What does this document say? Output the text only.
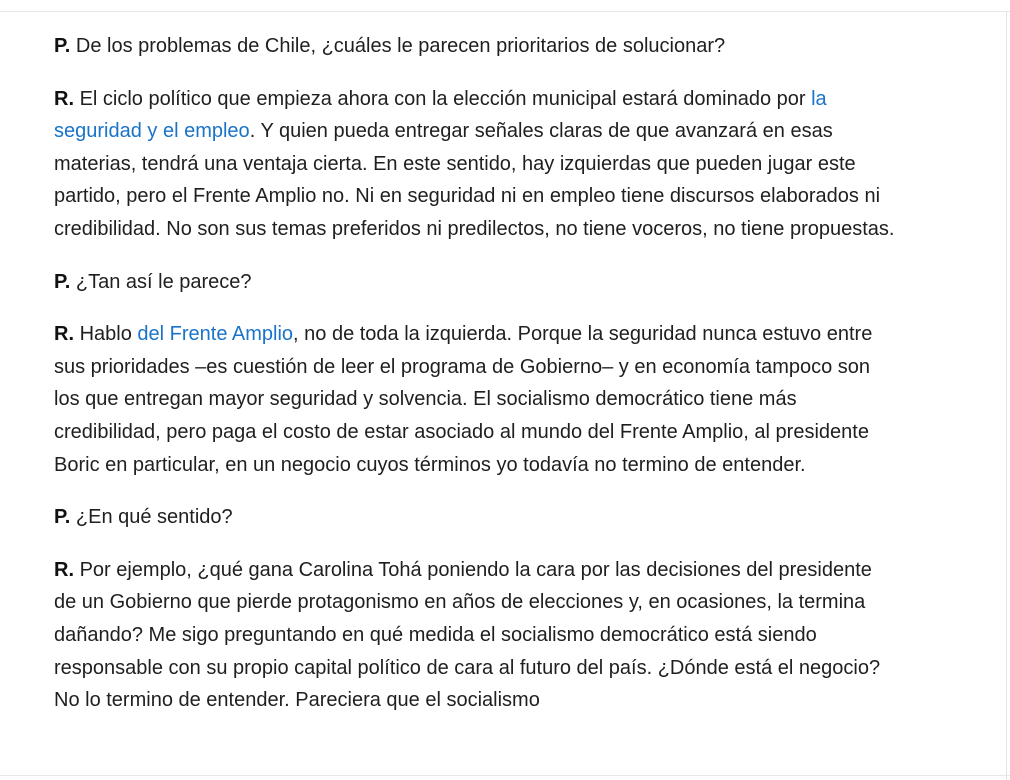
P. De los problemas de Chile, ¿cuáles le parecen prioritarios de solucionar?

R. El ciclo político que empieza ahora con la elección municipal estará dominado por la seguridad y el empleo. Y quien pueda entregar señales claras de que avanzará en esas materias, tendrá una ventaja cierta. En este sentido, hay izquierdas que pueden jugar este partido, pero el Frente Amplio no. Ni en seguridad ni en empleo tiene discursos elaborados ni credibilidad. No son sus temas preferidos ni predilectos, no tiene voceros, no tiene propuestas.

P. ¿Tan así le parece?

R. Hablo del Frente Amplio, no de toda la izquierda. Porque la seguridad nunca estuvo entre sus prioridades –es cuestión de leer el programa de Gobierno– y en economía tampoco son los que entregan mayor seguridad y solvencia. El socialismo democrático tiene más credibilidad, pero paga el costo de estar asociado al mundo del Frente Amplio, al presidente Boric en particular, en un negocio cuyos términos yo todavía no termino de entender.

P. ¿En qué sentido?

R. Por ejemplo, ¿qué gana Carolina Tohá poniendo la cara por las decisiones del presidente de un Gobierno que pierde protagonismo en años de elecciones y, en ocasiones, la termina dañando? Me sigo preguntando en qué medida el socialismo democrático está siendo responsable con su propio capital político de cara al futuro del país. ¿Dónde está el negocio? No lo termino de entender. Pareciera que el socialismo
